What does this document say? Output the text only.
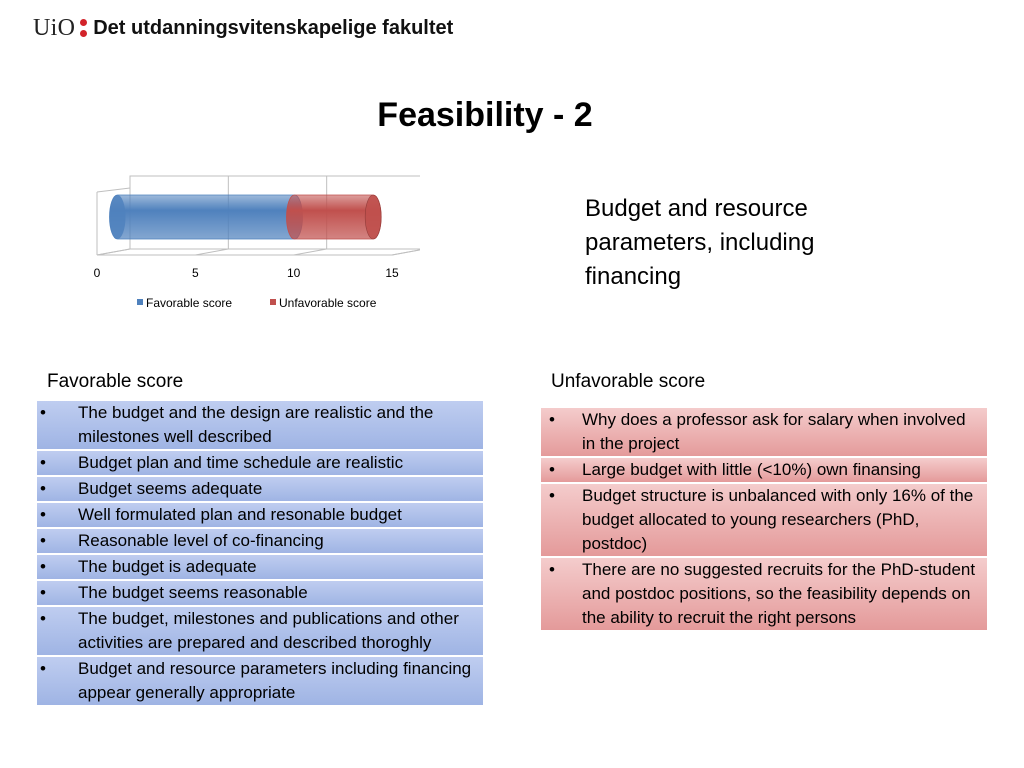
UiO Det utdanningsvitenskapelige fakultet
Feasibility - 2
0	5	10	15
Favorable score	Unfavorable score
Budget and resource parameters, including financing
Favorable score
• The budget and the design are realistic and the milestones well described
• Budget plan and time schedule are realistic
• Budget seems adequate
• Well formulated plan and resonable budget
• Reasonable level of co-financing
• The budget is adequate
• The budget seems reasonable
• The budget, milestones and publications and other activities are prepared and described thoroghly
• Budget and resource parameters including financing appear generally appropriate
Unfavorable score
• Why does a professor ask for salary when involved in the project
• Large budget with little (<10%) own finansing
• Budget structure is unbalanced with only 16% of the budget allocated to young researchers (PhD, postdoc)
• There are no suggested recruits for the PhD-student and postdoc positions, so the feasibility depends on the ability to recruit the right persons
